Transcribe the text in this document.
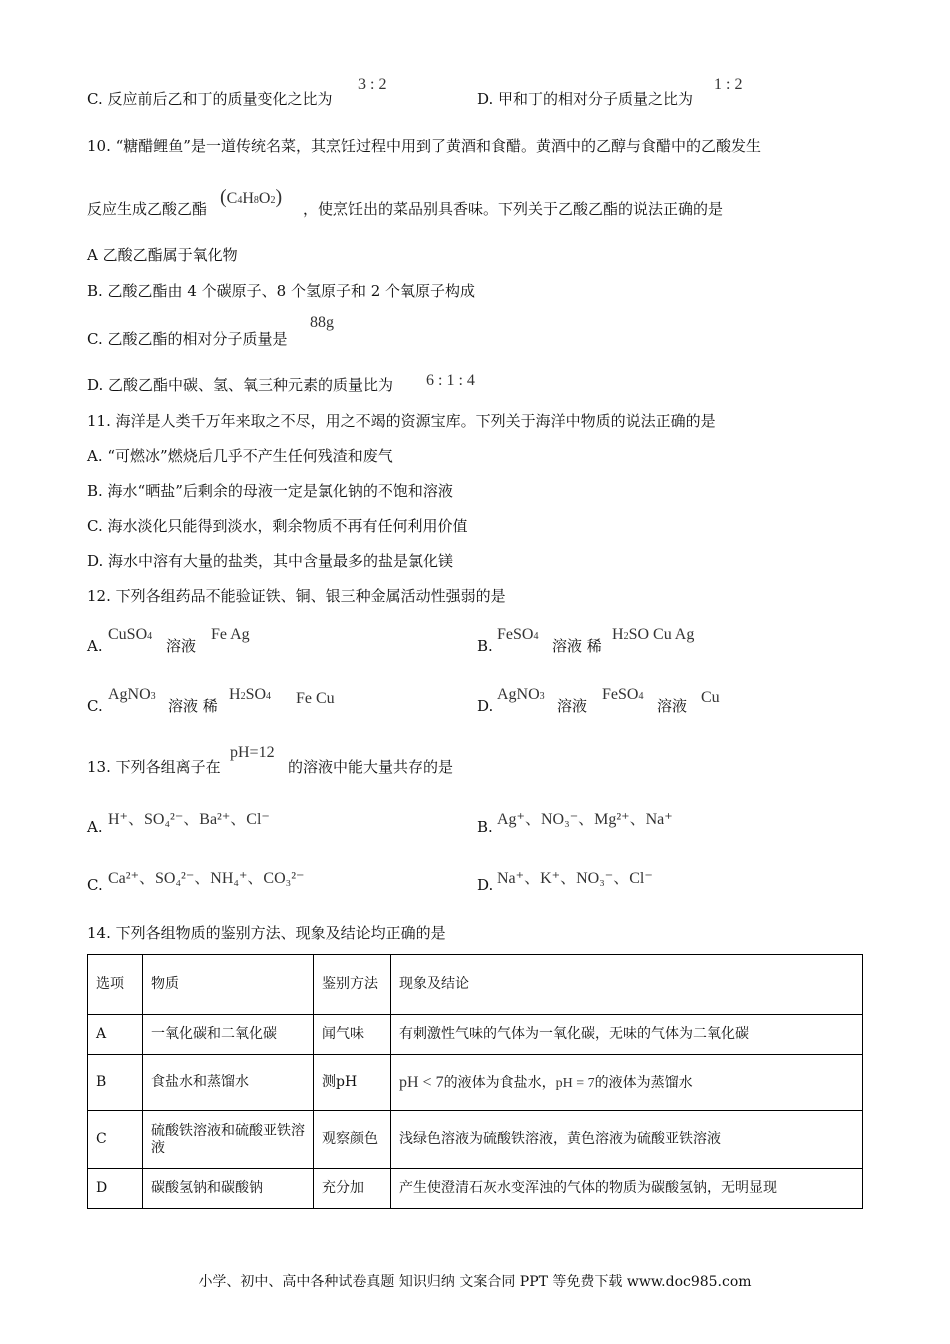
C. 反应前后乙和丁的质量变化之比为
3 : 2
D. 甲和丁的相对分子质量之比为
1 : 2
10. “糖醋鲤鱼”是一道传统名菜，其烹饪过程中用到了黄酒和食醋。黄酒中的乙醇与食醋中的乙酸发生
反应生成乙酸乙酯
(C4H8O2)
，使烹饪出的菜品别具香味。下列关于乙酸乙酯的说法正确的是
A 乙酸乙酯属于氧化物
B. 乙酸乙酯由 4 个碳原子、8 个氢原子和 2 个氧原子构成
C. 乙酸乙酯的相对分子质量是
88g
D. 乙酸乙酯中碳、氢、氧三种元素的质量比为 6 : 1 : 4
11. 海洋是人类千万年来取之不尽，用之不竭的资源宝库。下列关于海洋中物质的说法正确的是
A. “可燃冰”燃烧后几乎不产生任何残渣和废气
B. 海水“晒盐”后剩余的母液一定是氯化钠的不饱和溶液
C. 海水淡化只能得到淡水，剩余物质不再有任何利用价值
D. 海水中溶有大量的盐类，其中含量最多的盐是氯化镁
12. 下列各组药品不能验证铁、铜、银三种金属活动性强弱的是
A.
CuSO4
溶液
Fe Ag
B.
FeSO4
溶液 稀
H2SO Cu Ag
C.
AgNO3
溶液 稀
H2SO4 Fe Cu	D.
AgNO3
溶液
FeSO4
溶液 Cu
13. 下列各组离子在
pH=12
的溶液中能大量共存的是
A. H⁺、SO₄²⁻、Ba²⁺、Cl⁻	B. Ag⁺、NO₃⁻、Mg²⁺、Na⁺
C. Ca²⁺、SO₄²⁻、NH₄⁺、CO₃²⁻	D. Na⁺、K⁺、NO₃⁻、Cl⁻
14. 下列各组物质的鉴别方法、现象及结论均正确的是
选项	物质	鉴别方法	现象及结论
A	一氧化碳和二氧化碳	闻气味	有刺激性气味的气体为一氧化碳，无味的气体为二氧化碳
B	食盐水和蒸馏水	测pH	pH < 7的液体为食盐水，pH = 7的液体为蒸馏水
C	硫酸铁溶液和硫酸亚铁溶液	观察颜色	浅绿色溶液为硫酸铁溶液，黄色溶液为硫酸亚铁溶液
D	碳酸氢钠和碳酸钠	充分加	产生使澄清石灰水变浑浊的气体的物质为碳酸氢钠，无明显现
小学、初中、高中各种试卷真题 知识归纳 文案合同 PPT 等免费下载 www.doc985.com
